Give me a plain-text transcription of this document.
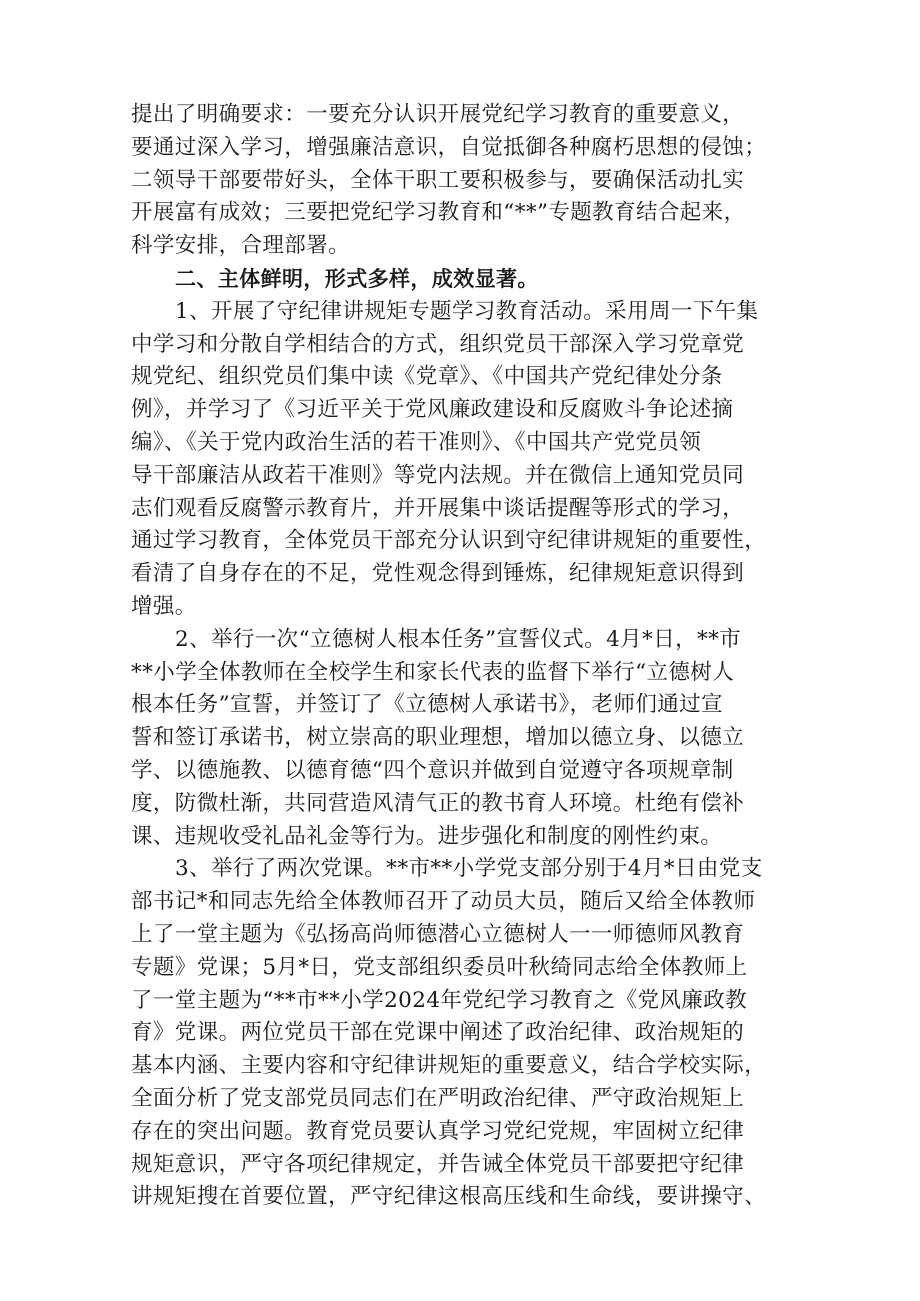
提出了明确要求：一要充分认识开展党纪学习教育的重要意义，
要通过深入学习，增强廉洁意识，自觉抵御各种腐朽思想的侵蚀；
二领导干部要带好头，全体干职工要积极参与，要确保活动扎实
开展富有成效；三要把党纪学习教育和“**”专题教育结合起来，
科学安排，合理部署。
二、主体鲜明，形式多样，成效显著。
1、开展了守纪律讲规矩专题学习教育活动。采用周一下午集
中学习和分散自学相结合的方式，组织党员干部深入学习党章党
规党纪、组织党员们集中读《党章》、《中国共产党纪律处分条
例》，并学习了《习近平关于党风廉政建设和反腐败斗争论述摘
编》、《关于党内政治生活的若干准则》、《中国共产党党员领
导干部廉洁从政若干准则》等党内法规。并在微信上通知党员同
志们观看反腐警示教育片，并开展集中谈话提醒等形式的学习，
通过学习教育，全体党员干部充分认识到守纪律讲规矩的重要性，
看清了自身存在的不足，党性观念得到锤炼，纪律规矩意识得到
增强。
2、举行一次“立德树人根本任务”宣誓仪式。4月*日，**市
**小学全体教师在全校学生和家长代表的监督下举行“立德树人
根本任务”宣誓，并签订了《立德树人承诺书》，老师们通过宣
誓和签订承诺书，树立崇高的职业理想，增加以德立身、以德立
学、以德施教、以德育德“四个意识并做到自觉遵守各项规章制
度，防微杜渐，共同营造风清气正的教书育人环境。杜绝有偿补
课、违规收受礼品礼金等行为。进步强化和制度的刚性约束。
3、举行了两次党课。**市**小学党支部分别于4月*日由党支
部书记*和同志先给全体教师召开了动员大员，随后又给全体教师
上了一堂主题为《弘扬高尚师德潜心立德树人一一师德师风教育
专题》党课；5月*日，党支部组织委员叶秋绮同志给全体教师上
了一堂主题为“**市**小学2024年党纪学习教育之《党风廉政教
育》党课。两位党员干部在党课中阐述了政治纪律、政治规矩的
基本内涵、主要内容和守纪律讲规矩的重要意义，结合学校实际，
全面分析了党支部党员同志们在严明政治纪律、严守政治规矩上
存在的突出问题。教育党员要认真学习党纪党规，牢固树立纪律
规矩意识，严守各项纪律规定，并告诫全体党员干部要把守纪律
讲规矩搜在首要位置，严守纪律这根高压线和生命线，要讲操守、
